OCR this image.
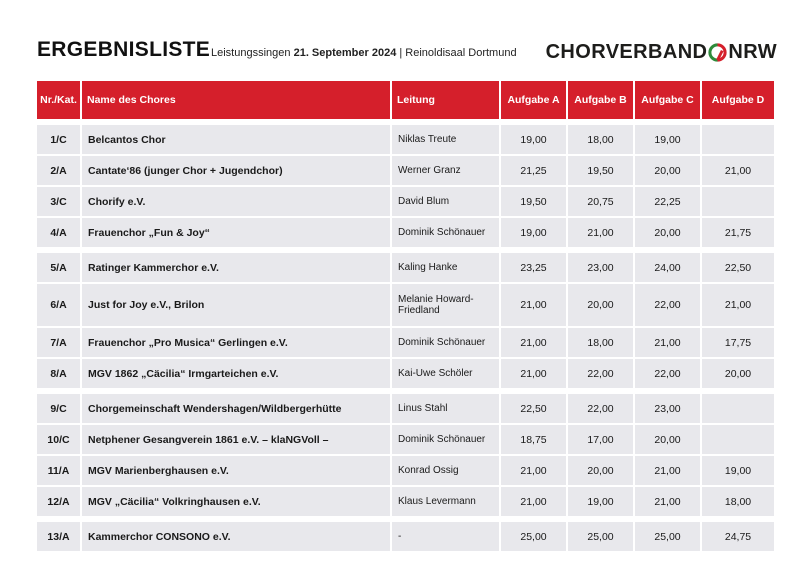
ERGEBNISLISTE Leistungssingen 21. September 2024 | Reinoldisaal Dortmund CHORVERBAND NRW
Nr./Kat.	Name des Chores	Leitung	Aufgabe A	Aufgabe B	Aufgabe C	Aufgabe D
1/C	Belcantos Chor	Niklas Treute	19,00	18,00	19,00	
2/A	Cantate‘86 (junger Chor + Jugendchor)	Werner Granz	21,25	19,50	20,00	21,00
3/C	Chorify e.V.	David Blum	19,50	20,75	22,25	
4/A	Frauenchor „Fun & Joy“	Dominik Schönauer	19,00	21,00	20,00	21,75
5/A	Ratinger Kammerchor e.V.	Kaling Hanke	23,25	23,00	24,00	22,50
6/A	Just for Joy e.V., Brilon	Melanie Howard-Friedland	21,00	20,00	22,00	21,00
7/A	Frauenchor „Pro Musica“ Gerlingen e.V.	Dominik Schönauer	21,00	18,00	21,00	17,75
8/A	MGV 1862 „Cäcilia“ Irmgarteichen e.V.	Kai-Uwe Schöler	21,00	22,00	22,00	20,00
9/C	Chorgemeinschaft Wendershagen/Wildbergerhütte	Linus Stahl	22,50	22,00	23,00	
10/C	Netphener Gesangverein 1861 e.V. – klaNGVoll –	Dominik Schönauer	18,75	17,00	20,00	
11/A	MGV Marienberghausen e.V.	Konrad Ossig	21,00	20,00	21,00	19,00
12/A	MGV „Cäcilia“ Volkringhausen e.V.	Klaus Levermann	21,00	19,00	21,00	18,00
13/A	Kammerchor CONSONO e.V.	-	25,00	25,00	25,00	24,75
